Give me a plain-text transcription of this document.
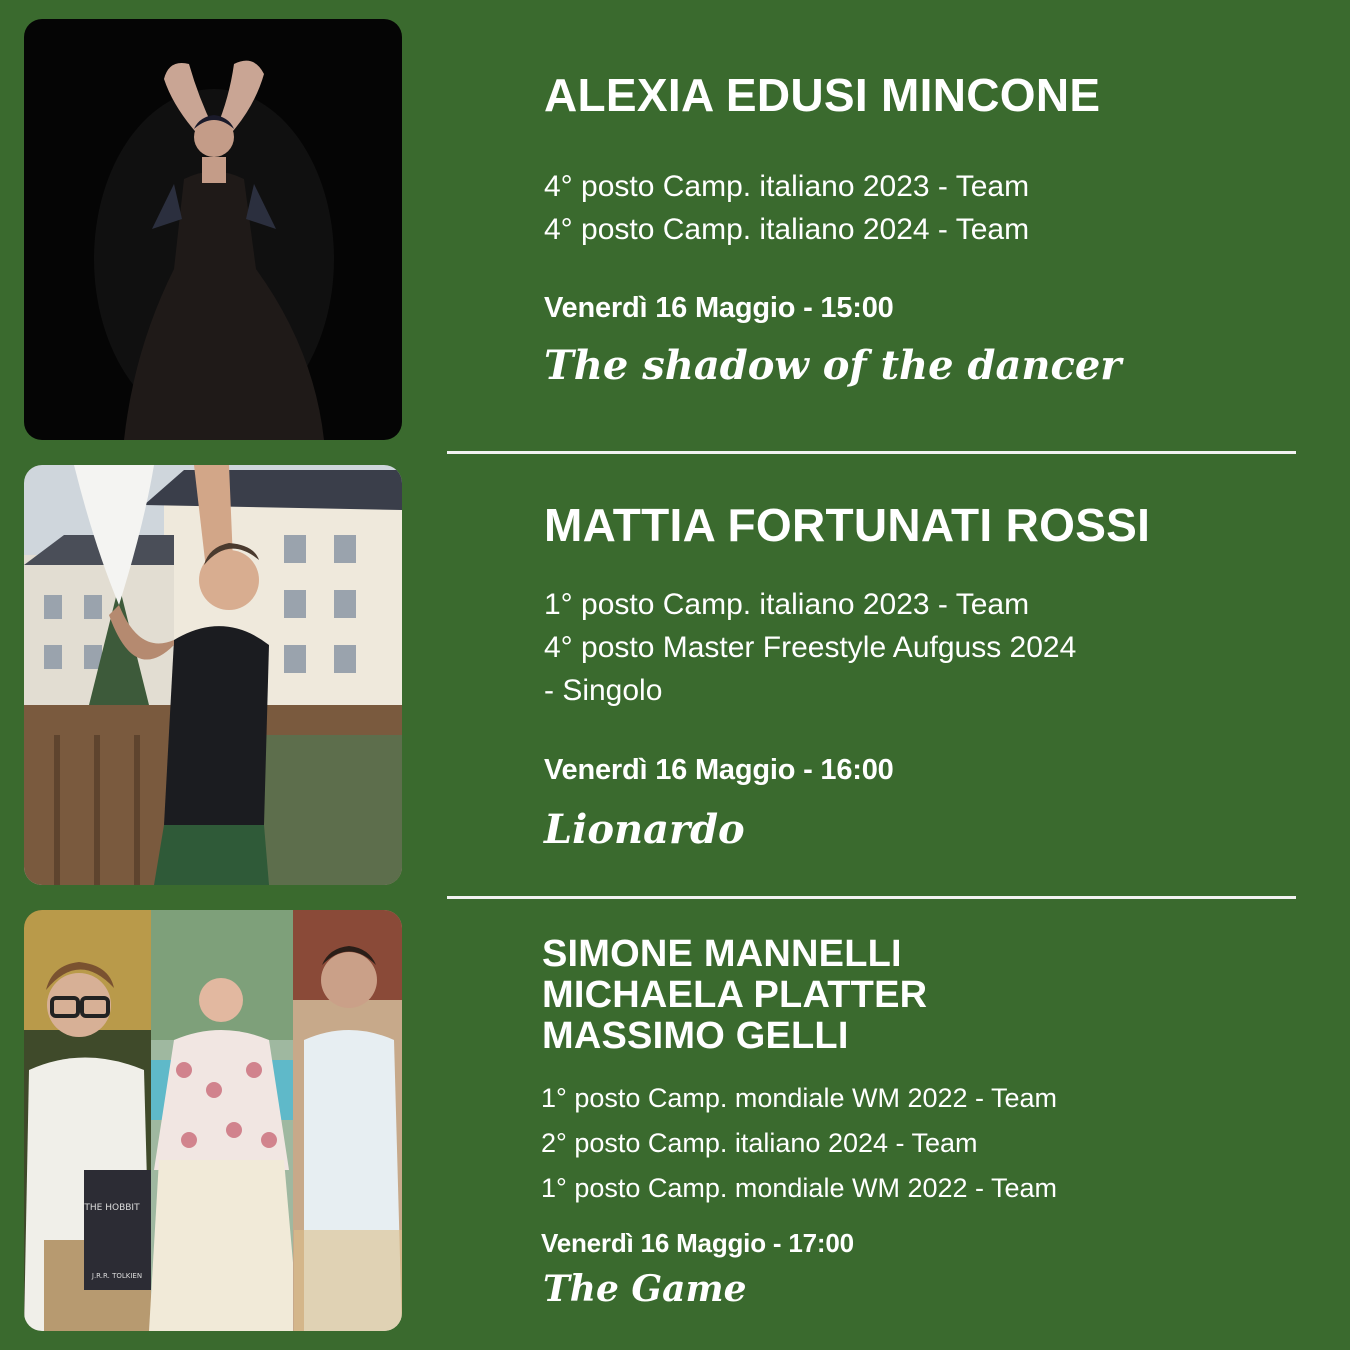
THE HOBBIT
J.R.R. TOLKIEN
ALEXIA EDUSI MINCONE
4° posto Camp. italiano 2023 - Team
4° posto Camp. italiano 2024 - Team
Venerdì 16 Maggio - 15:00
The shadow of the dancer
MATTIA FORTUNATI ROSSI
1° posto Camp. italiano 2023 - Team
4° posto Master Freestyle Aufguss 2024
- Singolo
Venerdì 16 Maggio - 16:00
Lionardo
SIMONE MANNELLI
MICHAELA PLATTER
MASSIMO GELLI
1° posto Camp. mondiale WM 2022 - Team
2° posto Camp. italiano 2024 - Team
1° posto Camp. mondiale WM 2022 - Team
Venerdì 16 Maggio - 17:00
The Game
